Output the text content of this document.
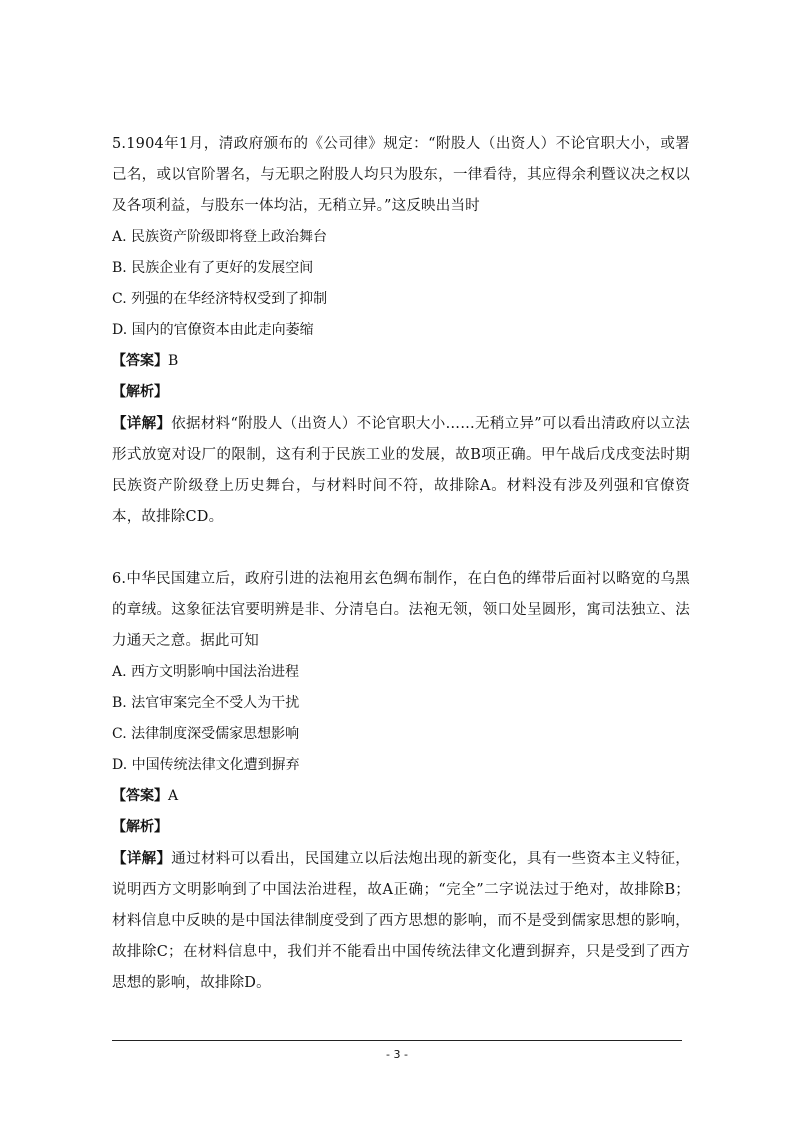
5.1904年1月，清政府颁布的《公司律》规定：“附股人（出资人）不论官职大小，或署己名，或以官阶署名，与无职之附股人均只为股东，一律看待，其应得余利暨议决之权以及各项利益，与股东一体均沾，无稍立异。”这反映出当时

A. 民族资产阶级即将登上政治舞台

B. 民族企业有了更好的发展空间

C. 列强的在华经济特权受到了抑制

D. 国内的官僚资本由此走向萎缩

【答案】B

【解析】

【详解】依据材料“附股人（出资人）不论官职大小……无稍立异”可以看出清政府以立法形式放宽对设厂的限制，这有利于民族工业的发展，故B项正确。甲午战后戊戌变法时期民族资产阶级登上历史舞台，与材料时间不符，故排除A。材料没有涉及列强和官僚资本，故排除CD。

6.中华民国建立后，政府引进的法袍用玄色绸布制作，在白色的缂带后面衬以略宽的乌黑的章绒。这象征法官要明辨是非、分清皂白。法袍无领，领口处呈圆形，寓司法独立、法力通天之意。据此可知

A. 西方文明影响中国法治进程

B. 法官审案完全不受人为干扰

C. 法律制度深受儒家思想影响

D. 中国传统法律文化遭到摒弃

【答案】A

【解析】

【详解】通过材料可以看出，民国建立以后法炮出现的新变化，具有一些资本主义特征，说明西方文明影响到了中国法治进程，故A正确；“完全”二字说法过于绝对，故排除B；材料信息中反映的是中国法律制度受到了西方思想的影响，而不是受到儒家思想的影响，故排除C；在材料信息中，我们并不能看出中国传统法律文化遭到摒弃，只是受到了西方思想的影响，故排除D。

- 3 -
